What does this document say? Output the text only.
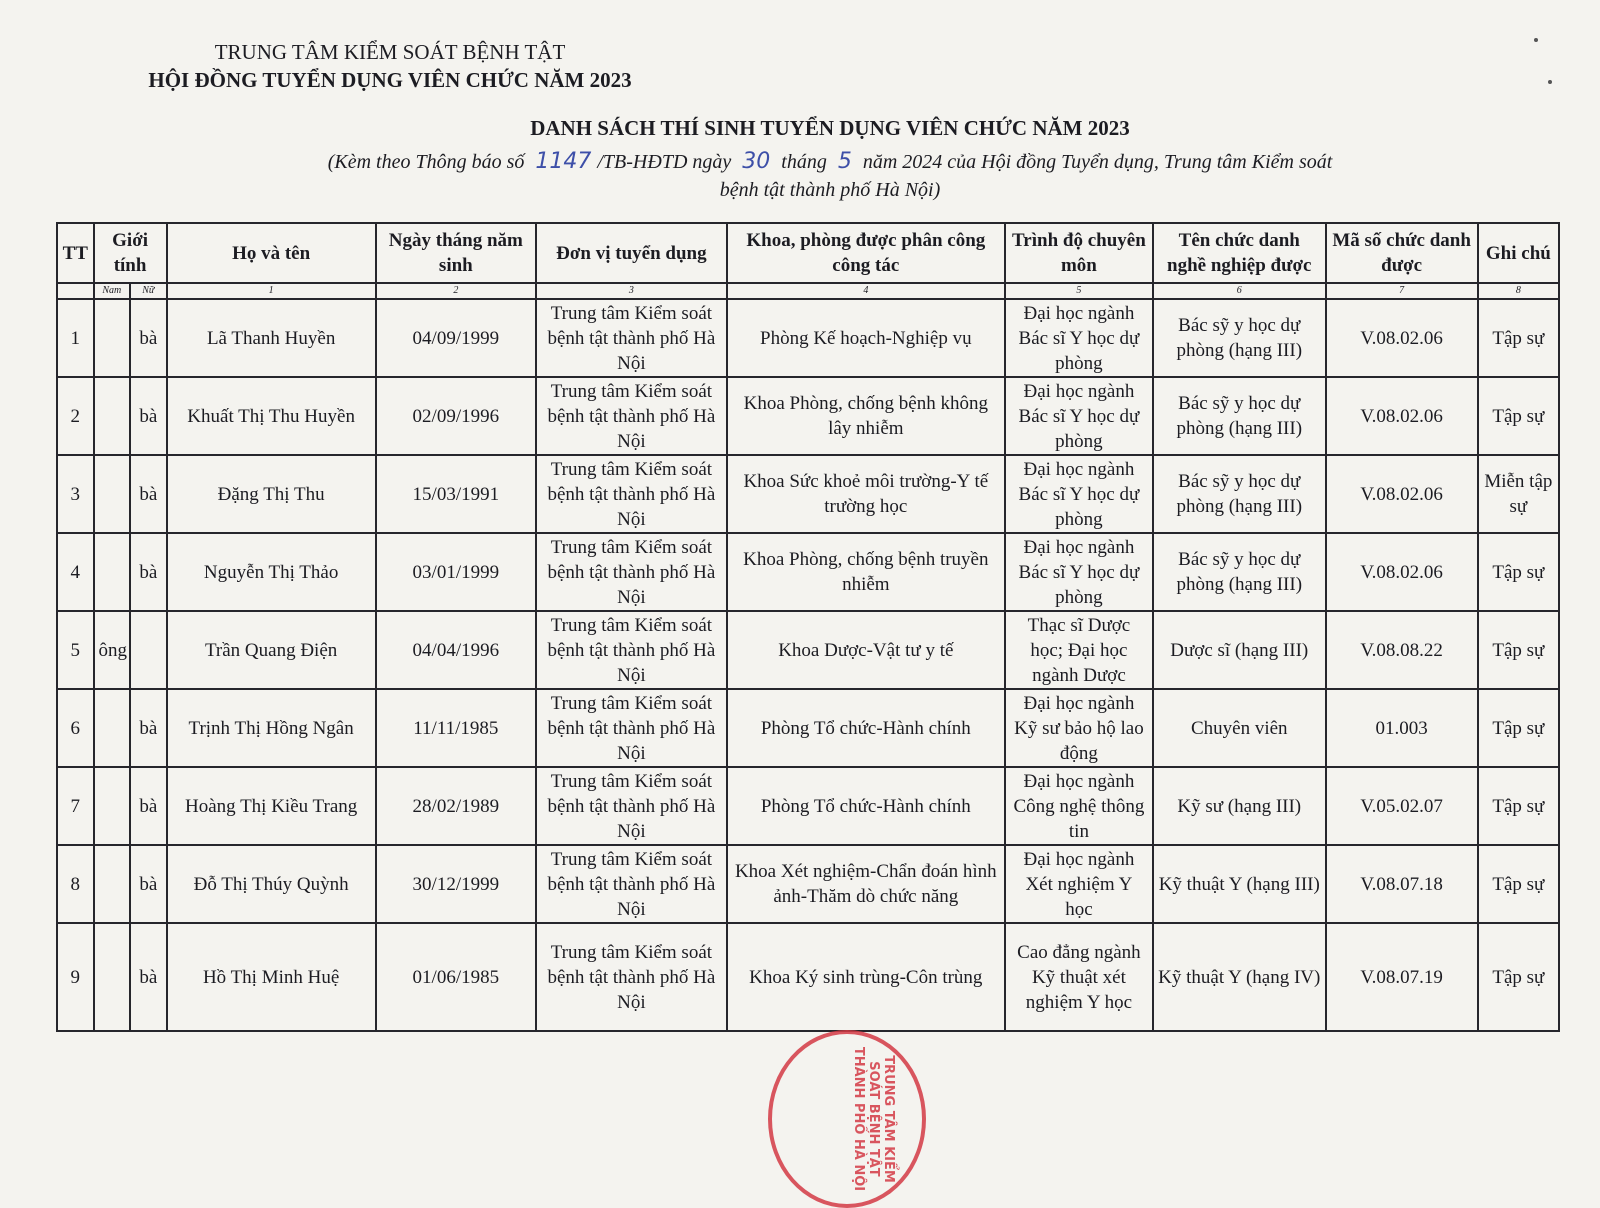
TRUNG TÂM KIỂM SOÁT BỆNH TẬT
HỘI ĐỒNG TUYỂN DỤNG VIÊN CHỨC NĂM 2023
DANH SÁCH THÍ SINH TUYỂN DỤNG VIÊN CHỨC NĂM 2023
(Kèm theo Thông báo số 1147 /TB-HĐTD ngày 30 tháng 5 năm 2024 của Hội đồng Tuyển dụng, Trung tâm Kiểm soát
bệnh tật thành phố Hà Nội)
TT	Giới tính		Họ và tên	Ngày tháng năm sinh	Đơn vị tuyển dụng	Khoa, phòng được phân công công tác	Trình độ chuyên môn	Tên chức danh nghề nghiệp được	Mã số chức danh được	Ghi chú
	Nam	Nữ	1	2	3	4	5	6	7	8
1		bà	Lã Thanh Huyền	04/09/1999	Trung tâm Kiểm soát bệnh tật thành phố Hà Nội	Phòng Kế hoạch-Nghiệp vụ	Đại học ngành Bác sĩ Y học dự phòng	Bác sỹ y học dự phòng (hạng III)	V.08.02.06	Tập sự
2		bà	Khuất Thị Thu Huyền	02/09/1996	Trung tâm Kiểm soát bệnh tật thành phố Hà Nội	Khoa Phòng, chống bệnh không lây nhiễm	Đại học ngành Bác sĩ Y học dự phòng	Bác sỹ y học dự phòng (hạng III)	V.08.02.06	Tập sự
3		bà	Đặng Thị Thu	15/03/1991	Trung tâm Kiểm soát bệnh tật thành phố Hà Nội	Khoa Sức khoẻ môi trường-Y tế trường học	Đại học ngành Bác sĩ Y học dự phòng	Bác sỹ y học dự phòng (hạng III)	V.08.02.06	Miễn tập sự
4		bà	Nguyễn Thị Thảo	03/01/1999	Trung tâm Kiểm soát bệnh tật thành phố Hà Nội	Khoa Phòng, chống bệnh truyền nhiễm	Đại học ngành Bác sĩ Y học dự phòng	Bác sỹ y học dự phòng (hạng III)	V.08.02.06	Tập sự
5	ông		Trần Quang Điện	04/04/1996	Trung tâm Kiểm soát bệnh tật thành phố Hà Nội	Khoa Dược-Vật tư y tế	Thạc sĩ Dược học; Đại học ngành Dược	Dược sĩ (hạng III)	V.08.08.22	Tập sự
6		bà	Trịnh Thị Hồng Ngân	11/11/1985	Trung tâm Kiểm soát bệnh tật thành phố Hà Nội	Phòng Tổ chức-Hành chính	Đại học ngành Kỹ sư bảo hộ lao động	Chuyên viên	01.003	Tập sự
7		bà	Hoàng Thị Kiều Trang	28/02/1989	Trung tâm Kiểm soát bệnh tật thành phố Hà Nội	Phòng Tổ chức-Hành chính	Đại học ngành Công nghệ thông tin	Kỹ sư (hạng III)	V.05.02.07	Tập sự
8		bà	Đỗ Thị Thúy Quỳnh	30/12/1999	Trung tâm Kiểm soát bệnh tật thành phố Hà Nội	Khoa Xét nghiệm-Chẩn đoán hình ảnh-Thăm dò chức năng	Đại học ngành Xét nghiệm Y học	Kỹ thuật Y (hạng III)	V.08.07.18	Tập sự
9		bà	Hồ Thị Minh Huệ	01/06/1985	Trung tâm Kiểm soát bệnh tật thành phố Hà Nội	Khoa Ký sinh trùng-Côn trùng	Cao đẳng ngành Kỹ thuật xét nghiệm Y học	Kỹ thuật Y (hạng IV)	V.08.07.19	Tập sự
TRUNG TÂM KIỂM SOÁT BỆNH TẬT THÀNH PHỐ HÀ NỘI
